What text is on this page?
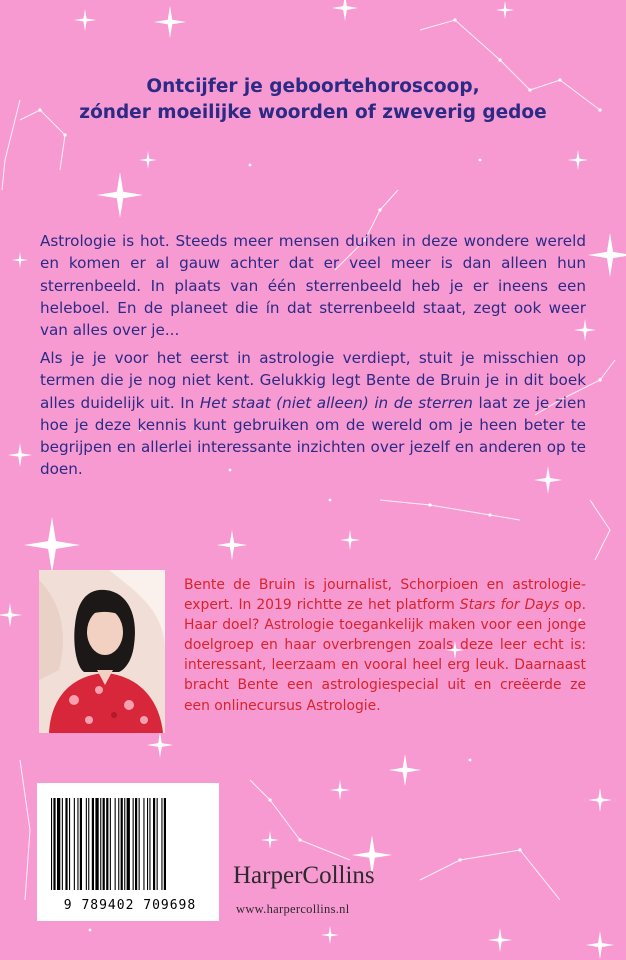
Ontcijfer je geboortehoroscoop,
zónder moeilijke woorden of zweverig gedoe
Astrologie is hot. Steeds meer mensen duiken in deze wondere wereld en komen er al gauw achter dat er veel meer is dan alleen hun sterrenbeeld. In plaats van één sterrenbeeld heb je er ineens een heleboel. En de planeet die ín dat sterrenbeeld staat, zegt ook weer van alles over je...
Als je je voor het eerst in astrologie verdiept, stuit je misschien op termen die je nog niet kent. Gelukkig legt Bente de Bruin je in dit boek alles duidelijk uit. In Het staat (niet alleen) in de sterren laat ze je zien hoe je deze kennis kunt gebruiken om de wereld om je heen beter te begrijpen en allerlei interessante inzichten over jezelf en anderen op te doen.
Bente de Bruin is journalist, Schorpioen en astrologie-expert. In 2019 richtte ze het platform Stars for Days op. Haar doel? Astrologie toegankelijk maken voor een jonge doelgroep en haar overbrengen zoals deze leer echt is: interessant, leerzaam en vooral heel erg leuk. Daarnaast bracht Bente een astrologiespecial uit en creëerde ze een onlinecursus Astrologie.
9 789402 709698
HarperCollins
www.harpercollins.nl
